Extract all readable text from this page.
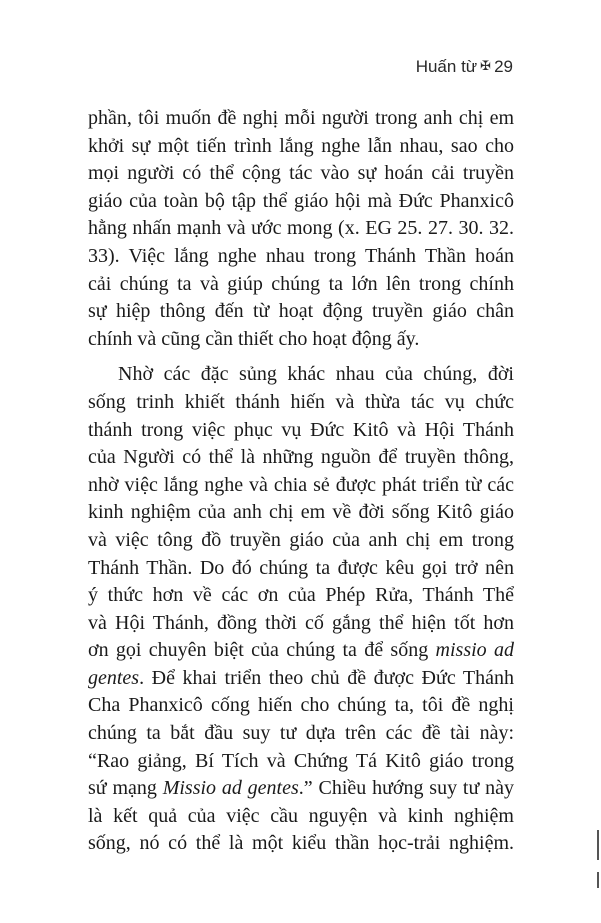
Huấn từ ✠ 29
phần, tôi muốn đề nghị mỗi người trong anh chị em
khởi sự một tiến trình lắng nghe lẫn nhau, sao cho
mọi người có thể cộng tác vào sự hoán cải truyền
giáo của toàn bộ tập thể giáo hội mà Đức Phanxicô
hằng nhấn mạnh và ước mong (x. EG 25. 27. 30. 32.
33). Việc lắng nghe nhau trong Thánh Thần hoán
cải chúng ta và giúp chúng ta lớn lên trong chính
sự hiệp thông đến từ hoạt động truyền giáo chân
chính và cũng cần thiết cho hoạt động ấy.
Nhờ các đặc sủng khác nhau của chúng, đời
sống trinh khiết thánh hiến và thừa tác vụ chức
thánh trong việc phục vụ Đức Kitô và Hội Thánh
của Người có thể là những nguồn để truyền thông,
nhờ việc lắng nghe và chia sẻ được phát triển từ các
kinh nghiệm của anh chị em về đời sống Kitô giáo
và việc tông đồ truyền giáo của anh chị em trong
Thánh Thần. Do đó chúng ta được kêu gọi trở nên
ý thức hơn về các ơn của Phép Rửa, Thánh Thể
và Hội Thánh, đồng thời cố gắng thể hiện tốt hơn
ơn gọi chuyên biệt của chúng ta để sống missio ad
gentes. Để khai triển theo chủ đề được Đức Thánh
Cha Phanxicô cống hiến cho chúng ta, tôi đề nghị
chúng ta bắt đầu suy tư dựa trên các đề tài này:
“Rao giảng, Bí Tích và Chứng Tá Kitô giáo trong
sứ mạng Missio ad gentes.” Chiều hướng suy tư này
là kết quả của việc cầu nguyện và kinh nghiệm
sống, nó có thể là một kiểu thần học-trải nghiệm.
